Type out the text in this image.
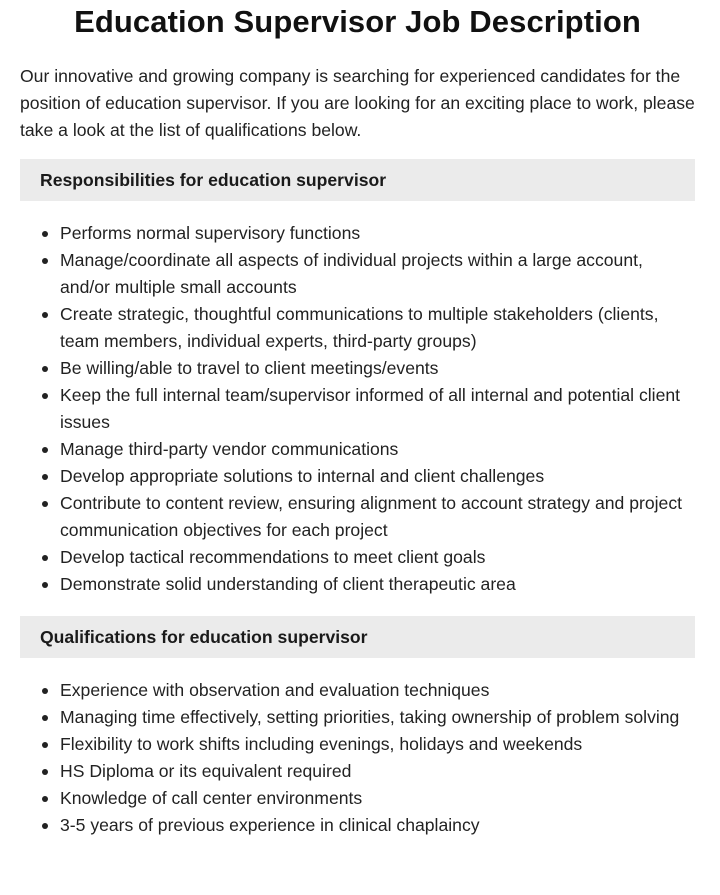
Education Supervisor Job Description

Our innovative and growing company is searching for experienced candidates for the position of education supervisor. If you are looking for an exciting place to work, please take a look at the list of qualifications below.

Responsibilities for education supervisor
Performs normal supervisory functions
Manage/coordinate all aspects of individual projects within a large account, and/or multiple small accounts
Create strategic, thoughtful communications to multiple stakeholders (clients, team members, individual experts, third-party groups)
Be willing/able to travel to client meetings/events
Keep the full internal team/supervisor informed of all internal and potential client issues
Manage third-party vendor communications
Develop appropriate solutions to internal and client challenges
Contribute to content review, ensuring alignment to account strategy and project communication objectives for each project
Develop tactical recommendations to meet client goals
Demonstrate solid understanding of client therapeutic area
Qualifications for education supervisor
Experience with observation and evaluation techniques
Managing time effectively, setting priorities, taking ownership of problem solving
Flexibility to work shifts including evenings, holidays and weekends
HS Diploma or its equivalent required
Knowledge of call center environments
3-5 years of previous experience in clinical chaplaincy
